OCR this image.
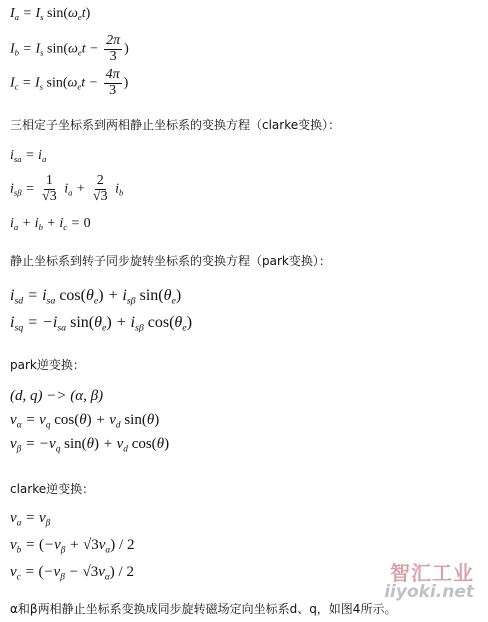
$I_a = I_s$ $\sin(\omega_et)$
$I_b = I_s$ $\sin(\omega_et - \frac{2\pi}{3}$ )
$I_c = I_s$ $\sin(\omega_et - \frac{4\pi}{3}$ )
三相定子坐标系到两相静止坐标系的变换方程（clarke变换）：
$i_{sa} = i_a$
$i_{s\beta} = \frac{1}{√3} i_a + \frac{2}{√3} i_b$
$i_a + i_b + i_c = 0$
静止坐标系到转子同步旋转坐标系的变换方程（park变换）：
$i_{sd} = i_{sa}$ $\cos(\theta_e) + i_{s\beta}$ $\sin(\theta_e)$
$i_{sq} = -i_{sa}$ $\sin(\theta_e) + i_{s\beta}$ $\cos(\theta_e)$
park逆变换：
(d, q) −> (α, β)
$v_\alpha = v_q$ $\cos(\theta) + v_d$ sin(θ)
$v_\beta = -v_q$ $\sin(\theta) + v_d$ cos(θ)
clarke逆变换：
$v_a = v_\beta$
$v_b = (-v_\beta + √3v_\alpha) / 2$
$v_c = (-v_\beta - √3v_\alpha) / 2$
α和β两相静止坐标系变换成同步旋转磁场定向坐标系d、q，如图4所示。
智汇工业
iiyoki.net
